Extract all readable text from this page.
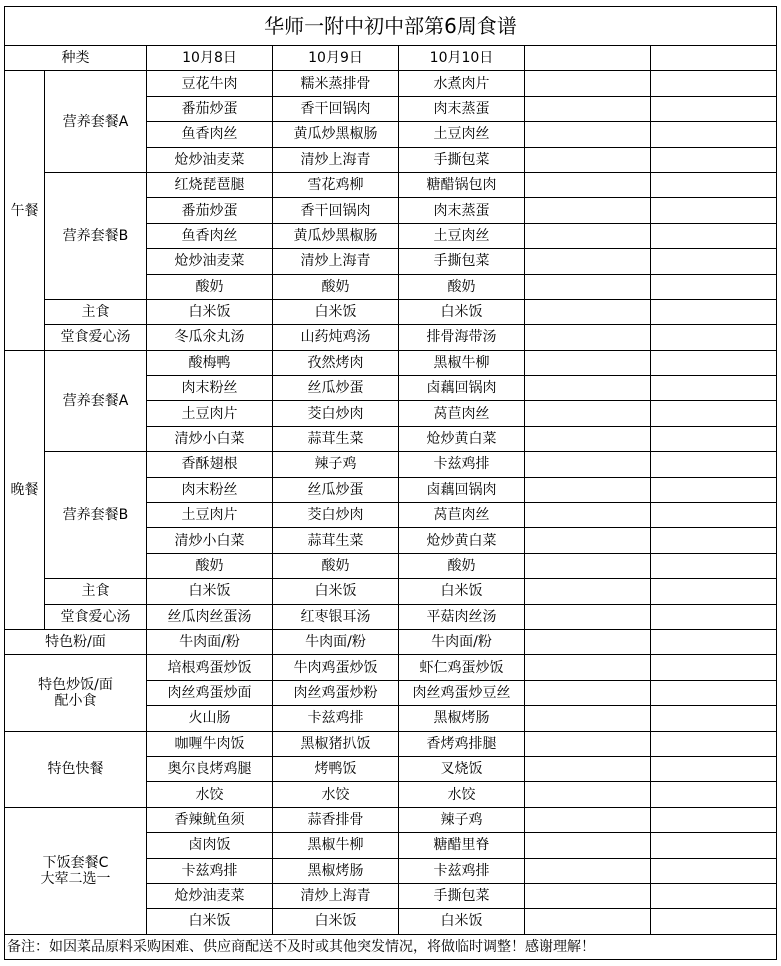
华师一附中初中部第6周食谱						
种类		10月8日	10月9日	10月10日		
午餐	营养套餐A	豆花牛肉	糯米蒸排骨	水煮肉片		
		番茄炒蛋	香干回锅肉	肉末蒸蛋		
		鱼香肉丝	黄瓜炒黑椒肠	土豆肉丝		
		炝炒油麦菜	清炒上海青	手撕包菜		
	营养套餐B	红烧琵琶腿	雪花鸡柳	糖醋锅包肉		
		番茄炒蛋	香干回锅肉	肉末蒸蛋		
		鱼香肉丝	黄瓜炒黑椒肠	土豆肉丝		
		炝炒油麦菜	清炒上海青	手撕包菜		
		酸奶	酸奶	酸奶		
	主食	白米饭	白米饭	白米饭		
	堂食爱心汤	冬瓜氽丸汤	山药炖鸡汤	排骨海带汤		
晚餐	营养套餐A	酸梅鸭	孜然烤肉	黑椒牛柳		
		肉末粉丝	丝瓜炒蛋	卤藕回锅肉		
		土豆肉片	茭白炒肉	莴苣肉丝		
		清炒小白菜	蒜茸生菜	炝炒黄白菜		
	营养套餐B	香酥翅根	辣子鸡	卡兹鸡排		
		肉末粉丝	丝瓜炒蛋	卤藕回锅肉		
		土豆肉片	茭白炒肉	莴苣肉丝		
		清炒小白菜	蒜茸生菜	炝炒黄白菜		
		酸奶	酸奶	酸奶		
	主食	白米饭	白米饭	白米饭		
	堂食爱心汤	丝瓜肉丝蛋汤	红枣银耳汤	平菇肉丝汤		
特色粉/面		牛肉面/粉	牛肉面/粉	牛肉面/粉		
特色炒饭/面
配小食		培根鸡蛋炒饭	牛肉鸡蛋炒饭	虾仁鸡蛋炒饭		
		肉丝鸡蛋炒面	肉丝鸡蛋炒粉	肉丝鸡蛋炒豆丝		
		火山肠	卡兹鸡排	黑椒烤肠		
特色快餐		咖喱牛肉饭	黑椒猪扒饭	香烤鸡排腿		
		奥尔良烤鸡腿	烤鸭饭	叉烧饭		
		水饺	水饺	水饺		
下饭套餐C
大荤二选一		香辣鱿鱼须	蒜香排骨	辣子鸡		
		卤肉饭	黑椒牛柳	糖醋里脊		
		卡兹鸡排	黑椒烤肠	卡兹鸡排		
		炝炒油麦菜	清炒上海青	手撕包菜		
		白米饭	白米饭	白米饭		
备注：如因菜品原料采购困难、供应商配送不及时或其他突发情况，将做临时调整！感谢理解！						
